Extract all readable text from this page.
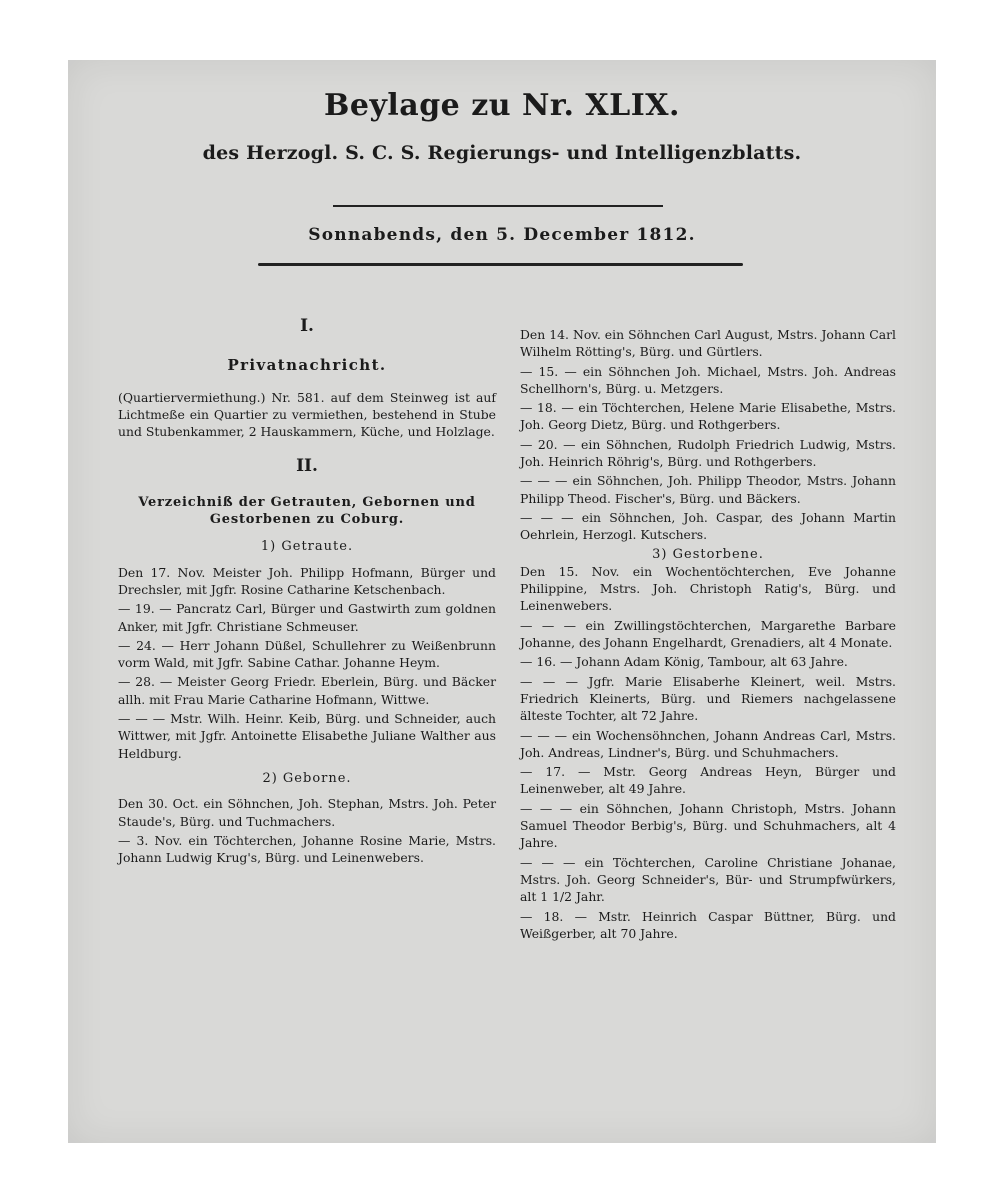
Beylage zu Nr. XLIX.
des Herzogl. S. C. S. Regierungs- und Intelligenzblatts.
Sonnabends, den 5. December 1812.
I.
Privatnachricht.
(Quartiervermiethung.) Nr. 581. auf dem Steinweg ist auf Lichtmeße ein Quartier zu vermiethen, bestehend in Stube und Stubenkammer, 2 Hauskammern, Küche, und Holzlage.
II.
Verzeichniß der Getrauten, Gebornen und Gestorbenen zu Coburg.
1) Getraute.
Den 17. Nov. Meister Joh. Philipp Hofmann, Bürger und Drechsler, mit Jgfr. Rosine Catharine Ketschenbach.
— 19. — Pancratz Carl, Bürger und Gastwirth zum goldnen Anker, mit Jgfr. Christiane Schmeuser.
— 24. — Herr Johann Düßel, Schullehrer zu Weißenbrunn vorm Wald, mit Jgfr. Sabine Cathar. Johanne Heym.
— 28. — Meister Georg Friedr. Eberlein, Bürg. und Bäcker allh. mit Frau Marie Catharine Hofmann, Wittwe.
— — — Mstr. Wilh. Heinr. Keib, Bürg. und Schneider, auch Wittwer, mit Jgfr. Antoinette Elisabethe Juliane Walther aus Heldburg.
2) Geborne.
Den 30. Oct. ein Söhnchen, Joh. Stephan, Mstrs. Joh. Peter Staude's, Bürg. und Tuchmachers.
— 3. Nov. ein Töchterchen, Johanne Rosine Marie, Mstrs. Johann Ludwig Krug's, Bürg. und Leinenwebers.
Den 14. Nov. ein Söhnchen Carl August, Mstrs. Johann Carl Wilhelm Rötting's, Bürg. und Gürtlers.
— 15. — ein Söhnchen Joh. Michael, Mstrs. Joh. Andreas Schellhorn's, Bürg. u. Metzgers.
— 18. — ein Töchterchen, Helene Marie Elisabethe, Mstrs. Joh. Georg Dietz, Bürg. und Rothgerbers.
— 20. — ein Söhnchen, Rudolph Friedrich Ludwig, Mstrs. Joh. Heinrich Röhrig's, Bürg. und Rothgerbers.
— — — ein Söhnchen, Joh. Philipp Theodor, Mstrs. Johann Philipp Theod. Fischer's, Bürg. und Bäckers.
— — — ein Söhnchen, Joh. Caspar, des Johann Martin Oehrlein, Herzogl. Kutschers.
3) Gestorbene.
Den 15. Nov. ein Wochentöchterchen, Eve Johanne Philippine, Mstrs. Joh. Christoph Ratig's, Bürg. und Leinenwebers.
— — — ein Zwillingstöchterchen, Margarethe Barbare Johanne, des Johann Engelhardt, Grenadiers, alt 4 Monate.
— 16. — Johann Adam König, Tambour, alt 63 Jahre.
— — — Jgfr. Marie Elisaberhe Kleinert, weil. Mstrs. Friedrich Kleinerts, Bürg. und Riemers nachgelassene älteste Tochter, alt 72 Jahre.
— — — ein Wochensöhnchen, Johann Andreas Carl, Mstrs. Joh. Andreas, Lindner's, Bürg. und Schuhmachers.
— 17. — Mstr. Georg Andreas Heyn, Bürger und Leinenweber, alt 49 Jahre.
— — — ein Söhnchen, Johann Christoph, Mstrs. Johann Samuel Theodor Berbig's, Bürg. und Schuhmachers, alt 4 Jahre.
— — — ein Töchterchen, Caroline Christiane Johanae, Mstrs. Joh. Georg Schneider's, Bür- und Strumpfwürkers, alt 1 1/2 Jahr.
— 18. — Mstr. Heinrich Caspar Büttner, Bürg. und Weißgerber, alt 70 Jahre.
